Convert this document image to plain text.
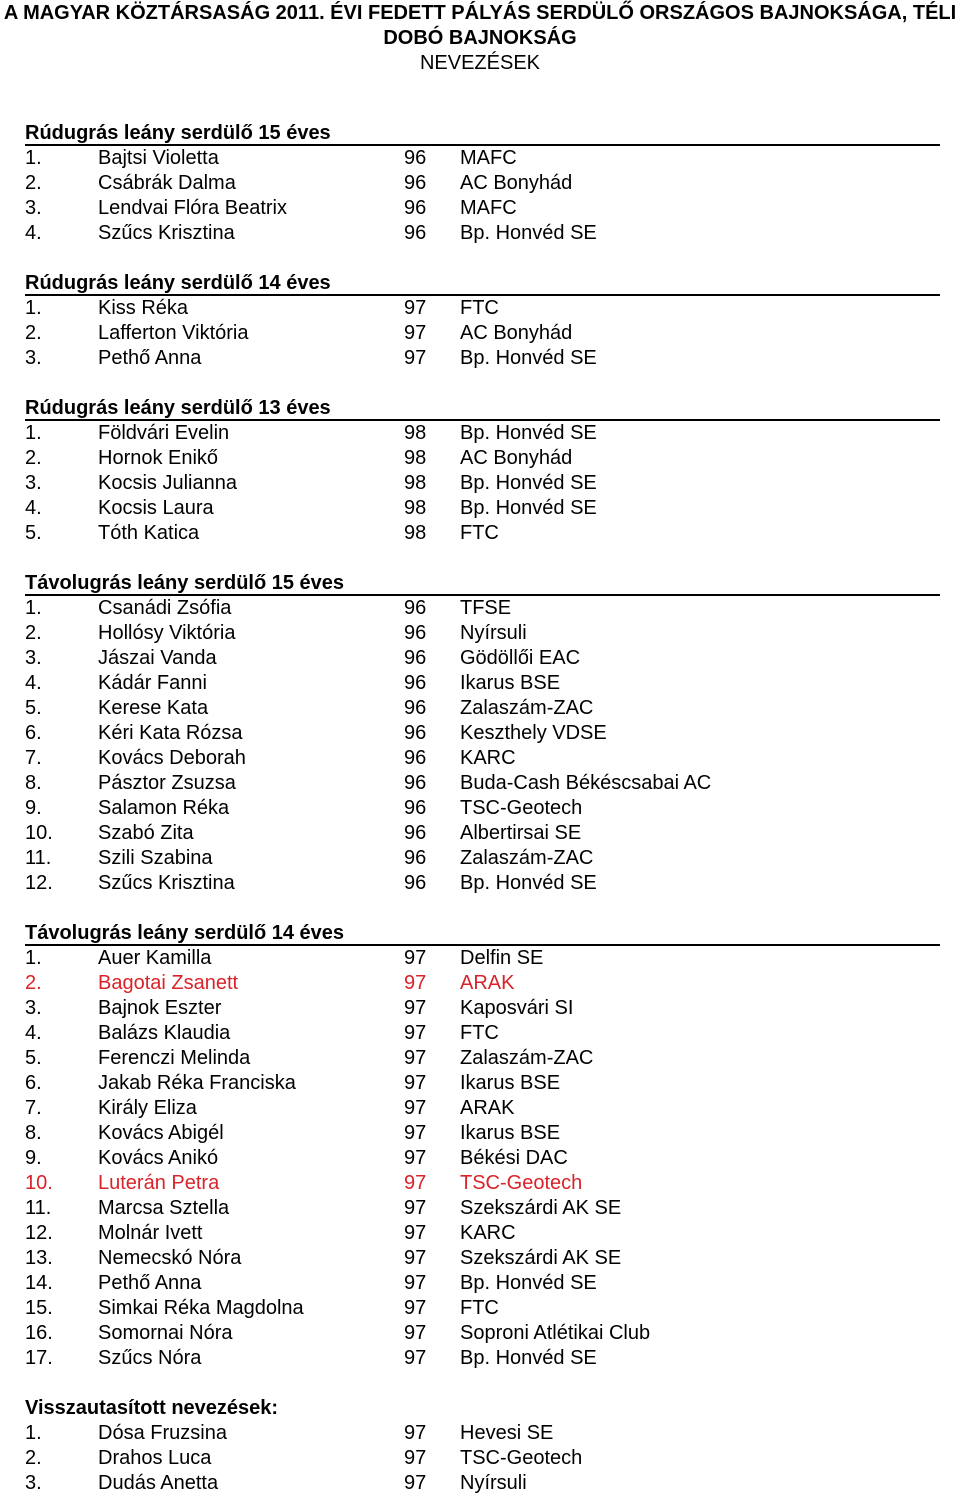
A MAGYAR KÖZTÁRSASÁG 2011. ÉVI FEDETT PÁLYÁS SERDÜLŐ ORSZÁGOS BAJNOKSÁGA, TÉLI
DOBÓ BAJNOKSÁG
NEVEZÉSEK
Rúdugrás leány serdülő 15 éves
1.	Bajtsi Violetta	96 MAFC
2.	Csábrák Dalma	96 AC Bonyhád
3.	Lendvai Flóra Beatrix	96 MAFC
4.	Szűcs Krisztina	96 Bp. Honvéd SE
Rúdugrás leány serdülő 14 éves
1.	Kiss Réka	97 FTC
2.	Lafferton Viktória	97 AC Bonyhád
3.	Pethő Anna	97 Bp. Honvéd SE
Rúdugrás leány serdülő 13 éves
1.	Földvári Evelin	98 Bp. Honvéd SE
2.	Hornok Enikő	98 AC Bonyhád
3.	Kocsis Julianna	98 Bp. Honvéd SE
4.	Kocsis Laura	98 Bp. Honvéd SE
5.	Tóth Katica	98 FTC
Távolugrás leány serdülő 15 éves
1.	Csanádi Zsófia	96 TFSE
2.	Hollósy Viktória	96 Nyírsuli
3.	Jászai Vanda	96 Gödöllői EAC
4.	Kádár Fanni	96 Ikarus BSE
5.	Kerese Kata	96 Zalaszám-ZAC
6.	Kéri Kata Rózsa	96 Keszthely VDSE
7.	Kovács Deborah	96 KARC
8.	Pásztor Zsuzsa	96 Buda-Cash Békéscsabai AC
9.	Salamon Réka	96 TSC-Geotech
10. Szabó Zita	96 Albertirsai SE
11. Szili Szabina	96 Zalaszám-ZAC
12. Szűcs Krisztina	96 Bp. Honvéd SE
Távolugrás leány serdülő 14 éves
1.	Auer Kamilla	97 Delfin SE
2.	Bagotai Zsanett	97 ARAK
3.	Bajnok Eszter	97 Kaposvári SI
4.	Balázs Klaudia	97 FTC
5.	Ferenczi Melinda	97 Zalaszám-ZAC
6.	Jakab Réka Franciska	97 Ikarus BSE
7.	Király Eliza	97 ARAK
8.	Kovács Abigél	97 Ikarus BSE
9.	Kovács Anikó	97 Békési DAC
10. Luterán Petra	97 TSC-Geotech
11. Marcsa Sztella	97 Szekszárdi AK SE
12. Molnár Ivett	97 KARC
13. Nemecskó Nóra	97 Szekszárdi AK SE
14. Pethő Anna	97 Bp. Honvéd SE
15. Simkai Réka Magdolna	97 FTC
16. Somornai Nóra	97 Soproni Atlétikai Club
17. Szűcs Nóra	97 Bp. Honvéd SE
Visszautasított nevezések:
1.	Dósa Fruzsina	97 Hevesi SE
2.	Drahos Luca	97 TSC-Geotech
3.	Dudás Anetta	97 Nyírsuli
